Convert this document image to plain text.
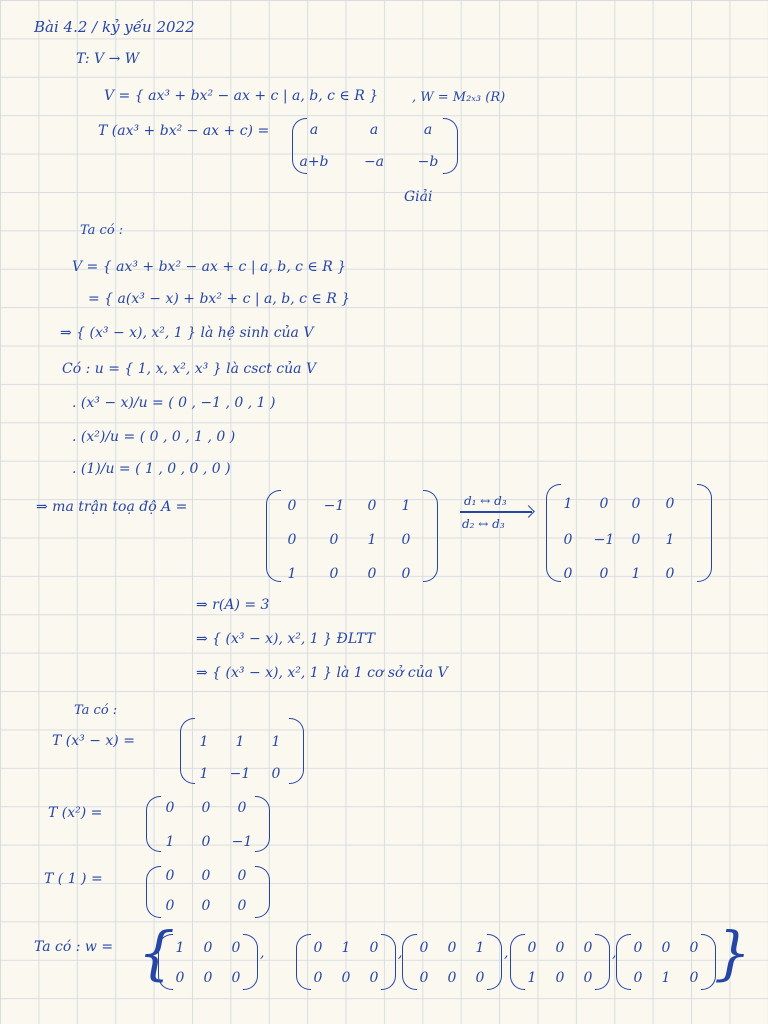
Bài 4.2 / kỷ yếu 2022
T: V → W
V = { ax³ + bx² − ax + c | a, b, c ∈ R }	, W = M₂ₓ₃ (R)
T (ax³ + bx² − ax + c) =	a	a	a
a+b	−a	−b
Giải
Ta có :
V = { ax³ + bx² − ax + c | a, b, c ∈ R }
= { a(x³ − x) + bx² + c | a, b, c ∈ R }
⇒ { (x³ − x), x², 1 } là hệ sinh của V
Có : u = { 1, x, x², x³ } là csct của V
. (x³ − x)/u = ( 0 , −1 , 0 , 1 )
. (x²)/u = ( 0 , 0 , 1 , 0 )
. (1)/u = ( 1 , 0 , 0 , 0 )
⇒ ma trận toạ độ A =	0	−1	0	1
0	0	1	0
1	0	0	0
d₁ ↔ d₃
d₂ ↔ d₃
1	0	0	0
0	−1	0	1
0	0	1	0
⇒ r(A) = 3
⇒ { (x³ − x), x², 1 } ĐLTT
⇒ { (x³ − x), x², 1 } là 1 cơ sở của V
Ta có :
T (x³ − x) =	1	1	1
1	−1	0
T (x²) =	0	0	0
1	0	−1
T ( 1 ) =	0	0	0
0	0	0
Ta có : w = { 1	0	0
0	0	0
,	0	1	0
0	0	0
,	0	0	1
0	0	0
,	0	0	0
1	0	0
,	0	0	0
0	1	0 }
